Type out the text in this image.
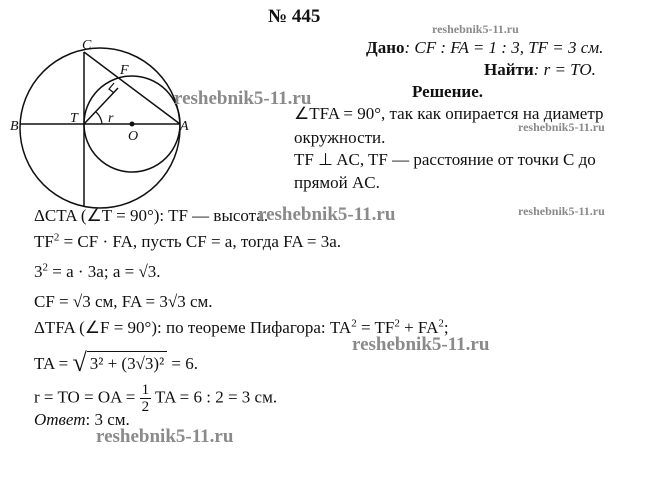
№ 445
reshebnik5-11.ru
C
F
B
T r
O
A
Дано: CF : FA = 1 : 3, TF = 3 см.
Найти: r = TO.
Решение.
∠TFA = 90°, так как опирается на диаметр
reshebnik5-11.ru
окружности.
TF ⊥ AC, TF — расстояние от точки C до
прямой AC.
reshebnik5-11.ru
ΔCTA (∠T = 90°): TF — высота.
reshebnik5-11.ru	reshebnik5-11.ru
$TF^2$ = CF · FA, пусть CF = a, тогда FA = 3a.
$3^2 = a \cdot 3a$; a = √3.
CF = √3 см, FA = 3√3 см.
ΔTFA (∠F = 90°): по теореме Пифагора: $TA^2 = TF^2 + FA^2$;
reshebnik5-11.ru
TA = √ 3² + (3√3)² = 6.
r = TO = OA = $\frac{1}{2}$ TA = 6 : 2 = 3 см.
Ответ: 3 см.
reshebnik5-11.ru
